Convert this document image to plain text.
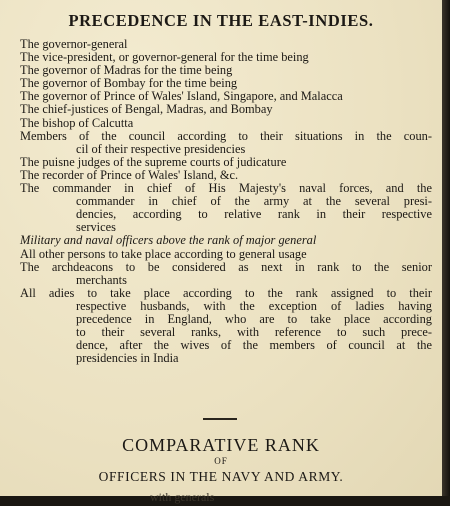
PRECEDENCE IN THE EAST-INDIES.
The governor-general
The vice-president, or governor-general for the time being
The governor of Madras for the time being
The governor of Bombay for the time being
The governor of Prince of Wales' Island, Singapore, and Malacca
The chief-justices of Bengal, Madras, and Bombay
The bishop of Calcutta
Members of the council according to their situations in the coun-
cil of their respective presidencies
The puisne judges of the supreme courts of judicature
The recorder of Prince of Wales' Island, &c.
The commander in chief of His Majesty's naval forces, and the
commander in chief of the army at the several presi-
dencies, according to relative rank in their respective
services
Military and naval officers above the rank of major general
All other persons to take place according to general usage
The archdeacons to be considered as next in rank to the senior
merchants
All adies to take place according to the rank assigned to their
respective husbands, with the exception of ladies having
precedence in England, who are to take place according
to their several ranks, with reference to such prece-
dence, after the wives of the members of council at the
presidencies in India
COMPARATIVE RANK
OF
OFFICERS IN THE NAVY AND ARMY.
with generals
